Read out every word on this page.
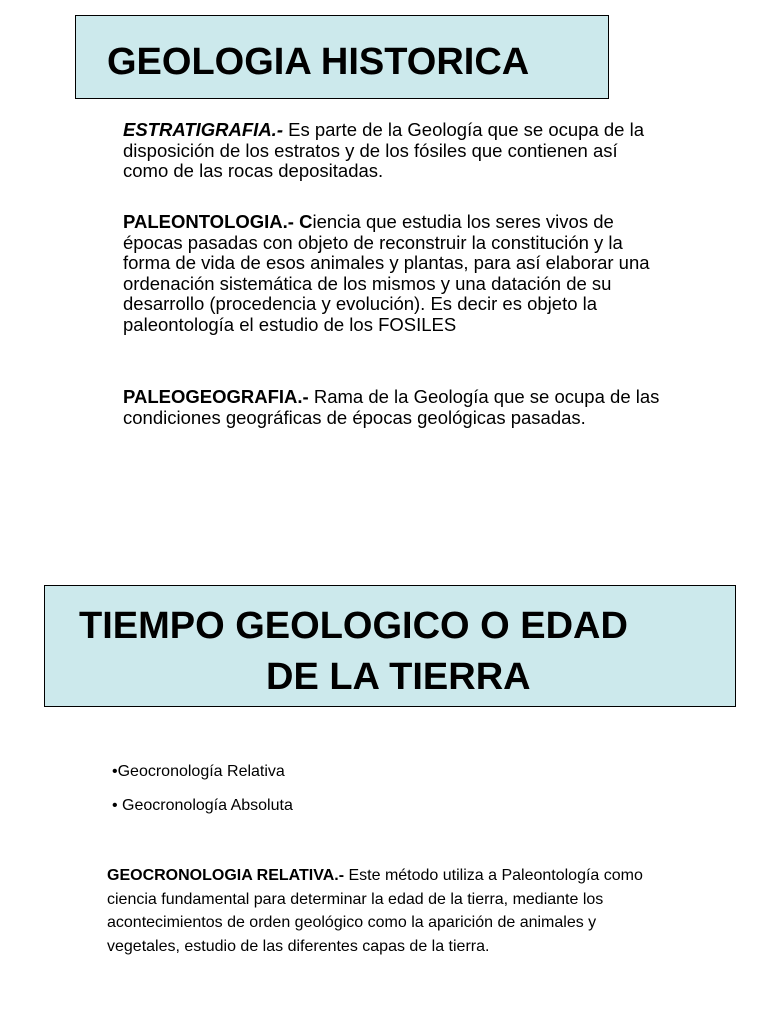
GEOLOGIA HISTORICA

ESTRATIGRAFIA.- Es parte de la Geología que se ocupa de la disposición de los estratos y de los fósiles que contienen así como de las rocas depositadas.

PALEONTOLOGIA.- Ciencia que estudia los seres vivos de épocas pasadas con objeto de reconstruir la constitución y la forma de vida de esos animales y plantas, para así elaborar una ordenación sistemática de los mismos y una datación de su desarrollo (procedencia y evolución). Es decir es objeto la paleontología el estudio de los FOSILES

PALEOGEOGRAFIA.- Rama de la Geología que se ocupa de las condiciones geográficas de épocas geológicas pasadas.

TIEMPO GEOLOGICO O EDAD
DE LA TIERRA

•Geocronología Relativa

• Geocronología Absoluta

GEOCRONOLOGIA RELATIVA.- Este método utiliza a Paleontología como ciencia fundamental para determinar la edad de la tierra, mediante los acontecimientos de orden geológico como la aparición de animales y vegetales, estudio de las diferentes capas de la tierra.
